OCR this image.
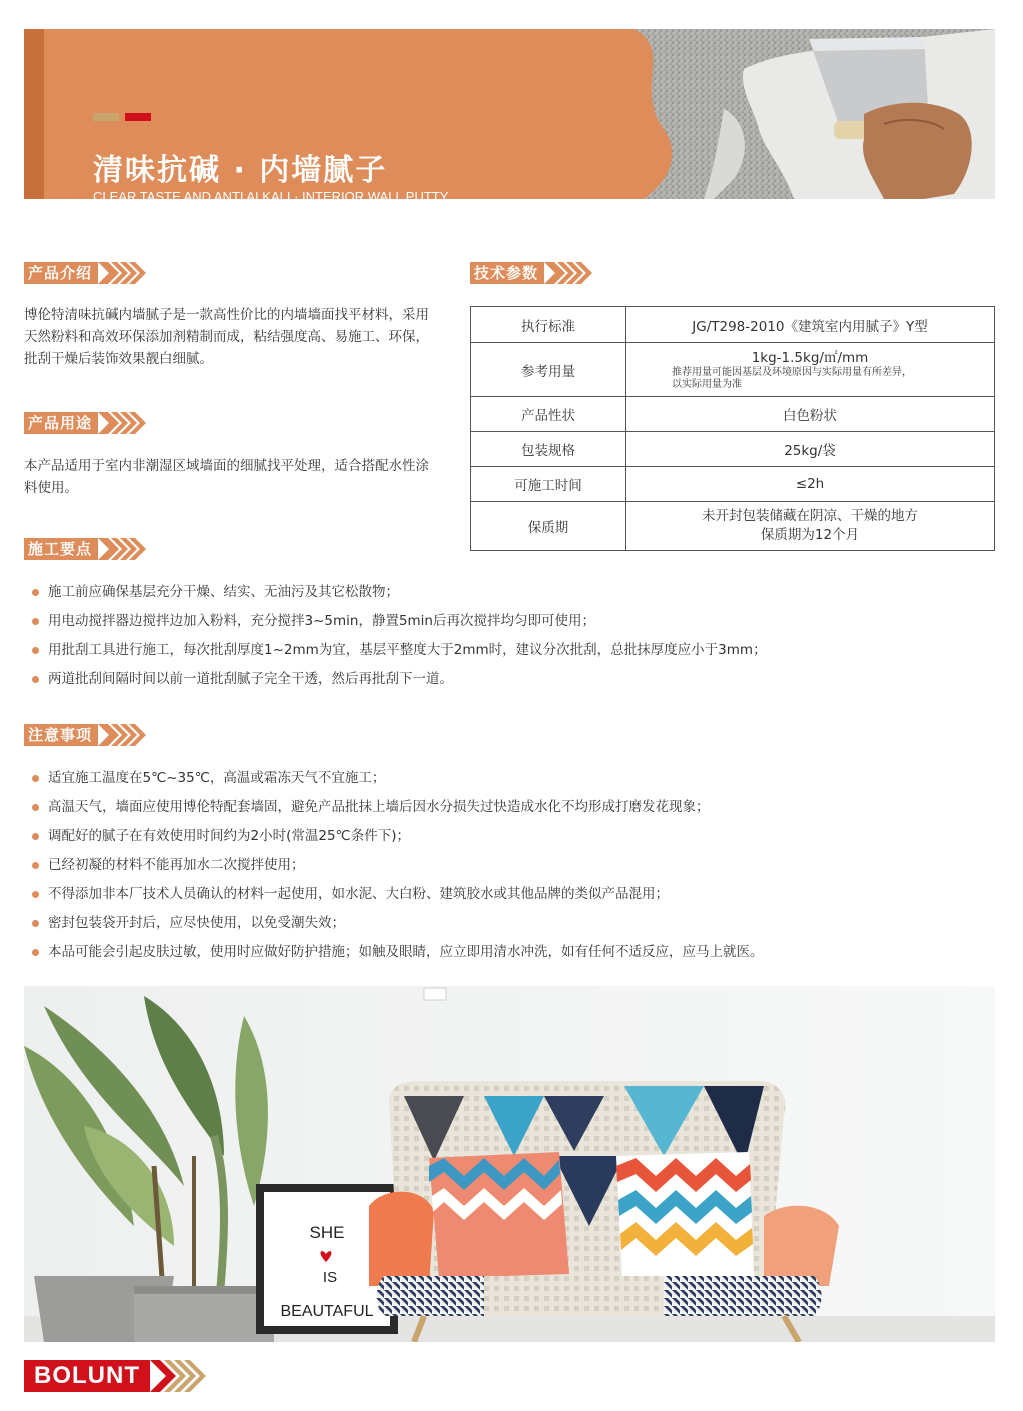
清味抗碱 · 内墙腻子
CLEAR TASTE AND ANTI ALKALI · INTERIOR WALL PUTTY
产品介绍
博伦特清味抗碱内墙腻子是一款高性价比的内墙墙面找平材料，采用天然粉料和高效环保添加剂精制而成，粘结强度高、易施工、环保，批刮干燥后装饰效果靓白细腻。
产品用途
本产品适用于室内非潮湿区域墙面的细腻找平处理，适合搭配水性涂料使用。
技术参数
执行标准	JG/T298-2010《建筑室内用腻子》Y型
参考用量	1kg-1.5kg/㎡/mm
推荐用量可能因基层及环境原因与实际用量有所差异，
以实际用量为准

产品性状	白色粉状
包装规格	25kg/袋
可施工时间	≤2h
保质期	未开封包装储藏在阴凉、干燥的地方
保质期为12个月
施工要点
施工前应确保基层充分干燥、结实、无油污及其它松散物；
用电动搅拌器边搅拌边加入粉料，充分搅拌3~5min，静置5min后再次搅拌均匀即可使用；
用批刮工具进行施工，每次批刮厚度1~2mm为宜，基层平整度大于2mm时，建议分次批刮，总批抹厚度应小于3mm；
两道批刮间隔时间以前一道批刮腻子完全干透，然后再批刮下一道。
注意事项
适宜施工温度在5℃~35℃，高温或霜冻天气不宜施工；
高温天气，墙面应使用博伦特配套墙固，避免产品批抹上墙后因水分损失过快造成水化不均形成打磨发花现象；
调配好的腻子在有效使用时间约为2小时(常温25℃条件下)；
已经初凝的材料不能再加水二次搅拌使用；
不得添加非本厂技术人员确认的材料一起使用，如水泥、大白粉、建筑胶水或其他品牌的类似产品混用；
密封包装袋开封后，应尽快使用，以免受潮失效；
本品可能会引起皮肤过敏，使用时应做好防护措施；如触及眼睛，应立即用清水冲洗，如有任何不适反应，应马上就医。
SHE
IS
BEAUTAFUL
BOLUNT
